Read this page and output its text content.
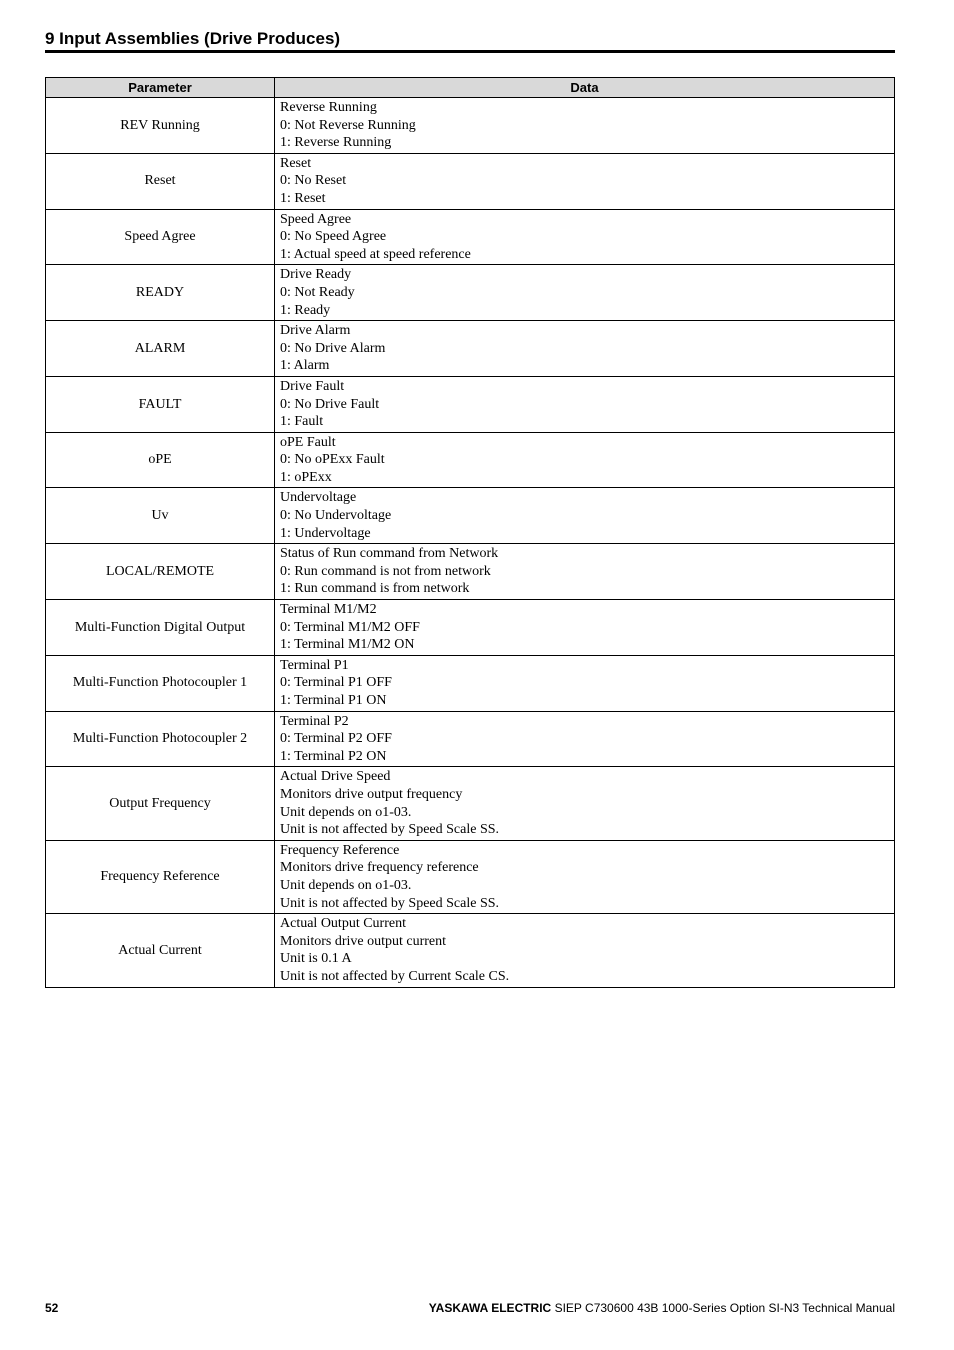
9 Input Assemblies (Drive Produces)
Parameter	Data
REV Running	Reverse Running
0: Not Reverse Running
1: Reverse Running

Reset	Reset
0: No Reset
1: Reset

Speed Agree	Speed Agree
0: No Speed Agree
1: Actual speed at speed reference

READY	Drive Ready
0: Not Ready
1: Ready

ALARM	Drive Alarm
0: No Drive Alarm
1: Alarm

FAULT	Drive Fault
0: No Drive Fault
1: Fault

oPE	oPE Fault
0: No oPExx Fault
1: oPExx

Uv	Undervoltage
0: No Undervoltage
1: Undervoltage

LOCAL/REMOTE	Status of Run command from Network
0: Run command is not from network
1: Run command is from network

Multi-Function Digital Output	Terminal M1/M2
0: Terminal M1/M2 OFF
1: Terminal M1/M2 ON

Multi-Function Photocoupler 1	Terminal P1
0: Terminal P1 OFF
1: Terminal P1 ON

Multi-Function Photocoupler 2	Terminal P2
0: Terminal P2 OFF
1: Terminal P2 ON

Output Frequency	Actual Drive Speed
Monitors drive output frequency
Unit depends on o1-03.
Unit is not affected by Speed Scale SS.

Frequency Reference	Frequency Reference
Monitors drive frequency reference
Unit depends on o1-03.
Unit is not affected by Speed Scale SS.

Actual Current	Actual Output Current
Monitors drive output current
Unit is 0.1 A
Unit is not affected by Current Scale CS.
52	YASKAWA ELECTRIC SIEP C730600 43B 1000-Series Option SI-N3 Technical Manual
